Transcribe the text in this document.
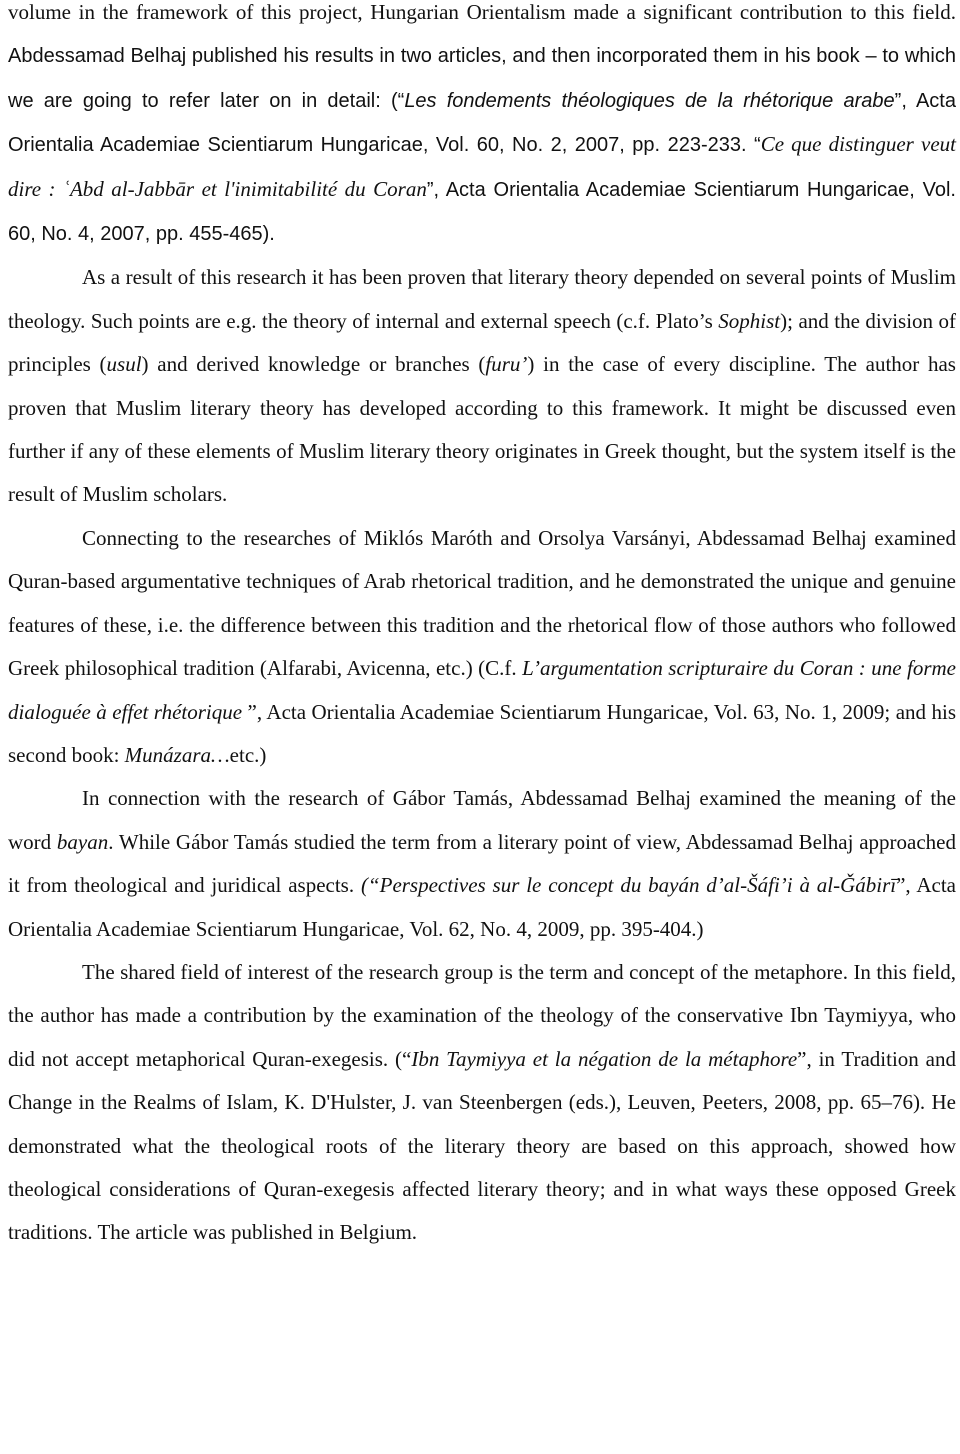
volume in the framework of this project, Hungarian Orientalism made a significant contribution to this field. Abdessamad Belhaj published his results in two articles, and then incorporated them in his book – to which we are going to refer later on in detail: (“Les fondements théologiques de la rhétorique arabe”, Acta Orientalia Academiae Scientiarum Hungaricae, Vol. 60, No. 2, 2007, pp. 223-233. “Ce que distinguer veut dire : ʿAbd al-Jabbār et l'inimitabilité du Coran”, Acta Orientalia Academiae Scientiarum Hungaricae, Vol. 60, No. 4, 2007, pp. 455-465).

As a result of this research it has been proven that literary theory depended on several points of Muslim theology. Such points are e.g. the theory of internal and external speech (c.f. Plato’s Sophist); and the division of principles (usul) and derived knowledge or branches (furu’) in the case of every discipline. The author has proven that Muslim literary theory has developed according to this framework. It might be discussed even further if any of these elements of Muslim literary theory originates in Greek thought, but the system itself is the result of Muslim scholars.

Connecting to the researches of Miklós Maróth and Orsolya Varsányi, Abdessamad Belhaj examined Quran-based argumentative techniques of Arab rhetorical tradition, and he demonstrated the unique and genuine features of these, i.e. the difference between this tradition and the rhetorical flow of those authors who followed Greek philosophical tradition (Alfarabi, Avicenna, etc.) (C.f. L’argumentation scripturaire du Coran : une forme dialoguée à effet rhétorique ”, Acta Orientalia Academiae Scientiarum Hungaricae, Vol. 63, No. 1, 2009; and his second book: Munázara…etc.)

In connection with the research of Gábor Tamás, Abdessamad Belhaj examined the meaning of the word bayan. While Gábor Tamás studied the term from a literary point of view, Abdessamad Belhaj approached it from theological and juridical aspects. (“Perspectives sur le concept du bayán d’al-Šáfi’i à al-Ǧábirī”, Acta Orientalia Academiae Scientiarum Hungaricae, Vol. 62, No. 4, 2009, pp. 395-404.)

The shared field of interest of the research group is the term and concept of the metaphore. In this field, the author has made a contribution by the examination of the theology of the conservative Ibn Taymiyya, who did not accept metaphorical Quran-exegesis. (“Ibn Taymiyya et la négation de la métaphore”, in Tradition and Change in the Realms of Islam, K. D'Hulster, J. van Steenbergen (eds.), Leuven, Peeters, 2008, pp. 65–76). He demonstrated what the theological roots of the literary theory are based on this approach, showed how theological considerations of Quran-exegesis affected literary theory; and in what ways these opposed Greek traditions. The article was published in Belgium.
